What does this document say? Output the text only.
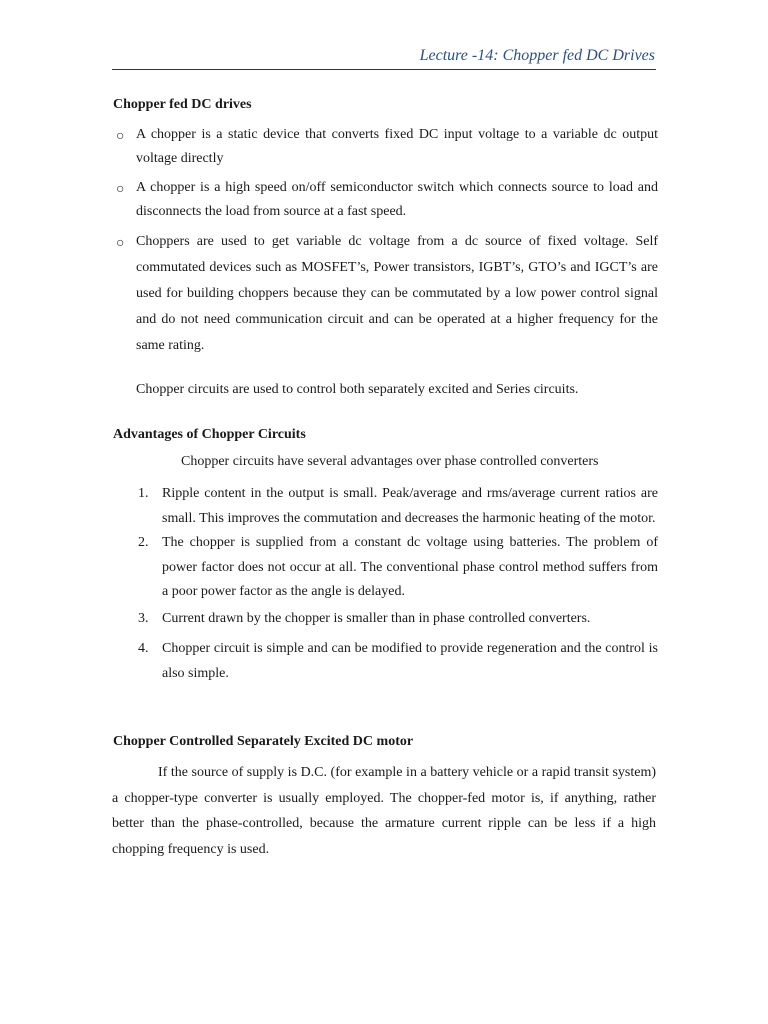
Lecture -14: Chopper fed DC Drives
Chopper fed DC drives
○ A chopper is a static device that converts fixed DC input voltage to a variable dc output voltage directly
○ A chopper is a high speed on/off semiconductor switch which connects source to load and disconnects the load from source at a fast speed.
○ Choppers are used to get variable dc voltage from a dc source of fixed voltage. Self commutated devices such as MOSFET’s, Power transistors, IGBT’s, GTO’s and IGCT’s are used for building choppers because they can be commutated by a low power control signal and do not need communication circuit and can be operated at a higher frequency for the same rating.
Chopper circuits are used to control both separately excited and Series circuits.
Advantages of Chopper Circuits
Chopper circuits have several advantages over phase controlled converters
1. Ripple content in the output is small. Peak/average and rms/average current ratios are small. This improves the commutation and decreases the harmonic heating of the motor.
2. The chopper is supplied from a constant dc voltage using batteries. The problem of power factor does not occur at all. The conventional phase control method suffers from a poor power factor as the angle is delayed.
3. Current drawn by the chopper is smaller than in phase controlled converters.
4. Chopper circuit is simple and can be modified to provide regeneration and the control is also simple.
Chopper Controlled Separately Excited DC motor
If the source of supply is D.C. (for example in a battery vehicle or a rapid transit system) a chopper-type converter is usually employed. The chopper-fed motor is, if anything, rather better than the phase-controlled, because the armature current ripple can be less if a high chopping frequency is used.
